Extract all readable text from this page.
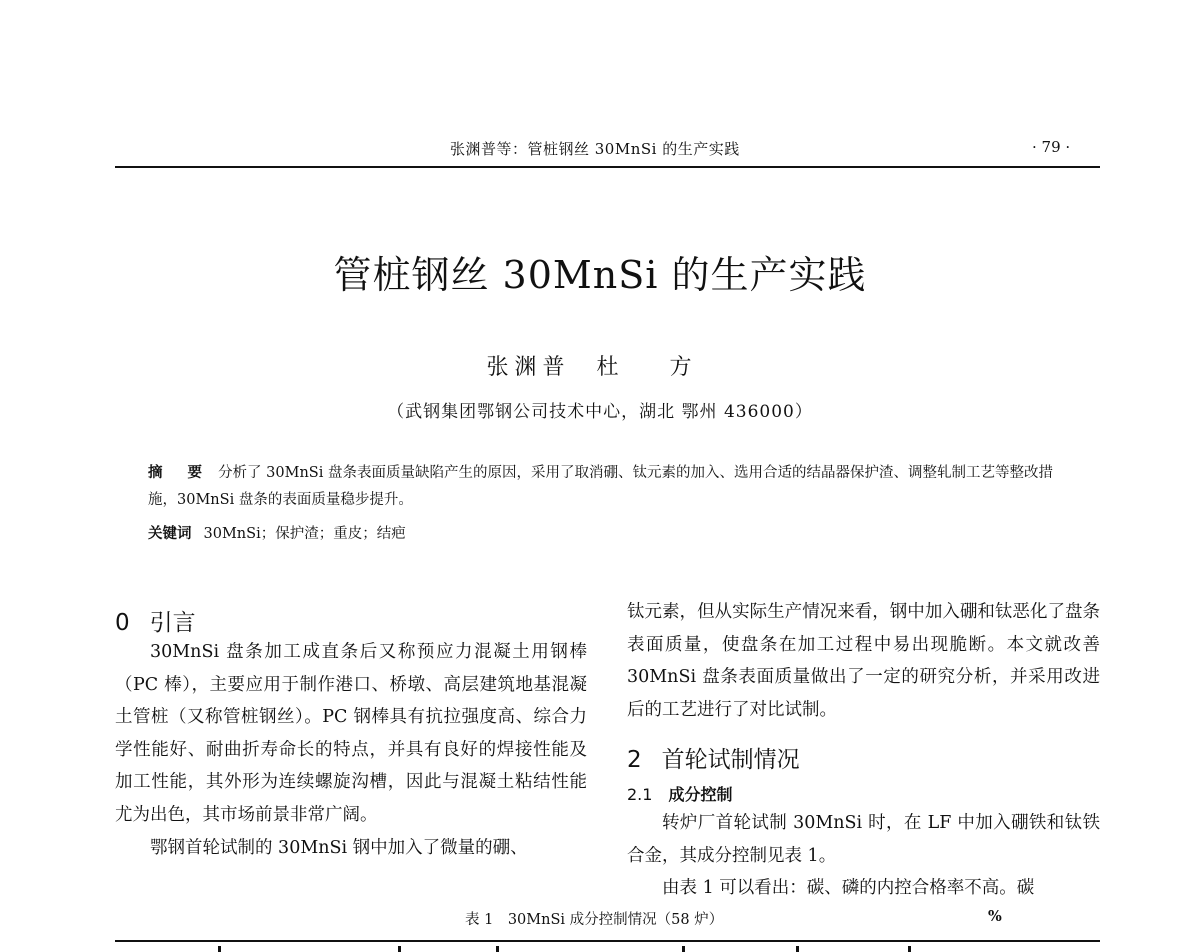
张渊普等：管桩钢丝 30MnSi 的生产实践	· 79 ·
管桩钢丝 30MnSi 的生产实践
张渊普 杜 方
（武钢集团鄂钢公司技术中心，湖北 鄂州 436000）
摘 要 分析了 30MnSi 盘条表面质量缺陷产生的原因，采用了取消硼、钛元素的加入、选用合适的结晶器保护渣、调整轧制工艺等整改措施，30MnSi 盘条的表面质量稳步提升。
关键词 30MnSi；保护渣；重皮；结疤
0 引言

30MnSi 盘条加工成直条后又称预应力混凝土用钢棒（PC 棒），主要应用于制作港口、桥墩、高层建筑地基混凝土管桩（又称管桩钢丝）。PC 钢棒具有抗拉强度高、综合力学性能好、耐曲折寿命长的特点，并具有良好的焊接性能及加工性能，其外形为连续螺旋沟槽，因此与混凝土粘结性能尤为出色，其市场前景非常广阔。

鄂钢首轮试制的 30MnSi 钢中加入了微量的硼、

钛元素，但从实际生产情况来看，钢中加入硼和钛恶化了盘条表面质量，使盘条在加工过程中易出现脆断。本文就改善 30MnSi 盘条表面质量做出了一定的研究分析，并采用改进后的工艺进行了对比试制。

2 首轮试制情况
2.1 成分控制

转炉厂首轮试制 30MnSi 时，在 LF 中加入硼铁和钛铁合金，其成分控制见表 1。

由表 1 可以看出：碳、磷的内控合格率不高。碳

表 1　30MnSi 成分控制情况（58 炉）	%
